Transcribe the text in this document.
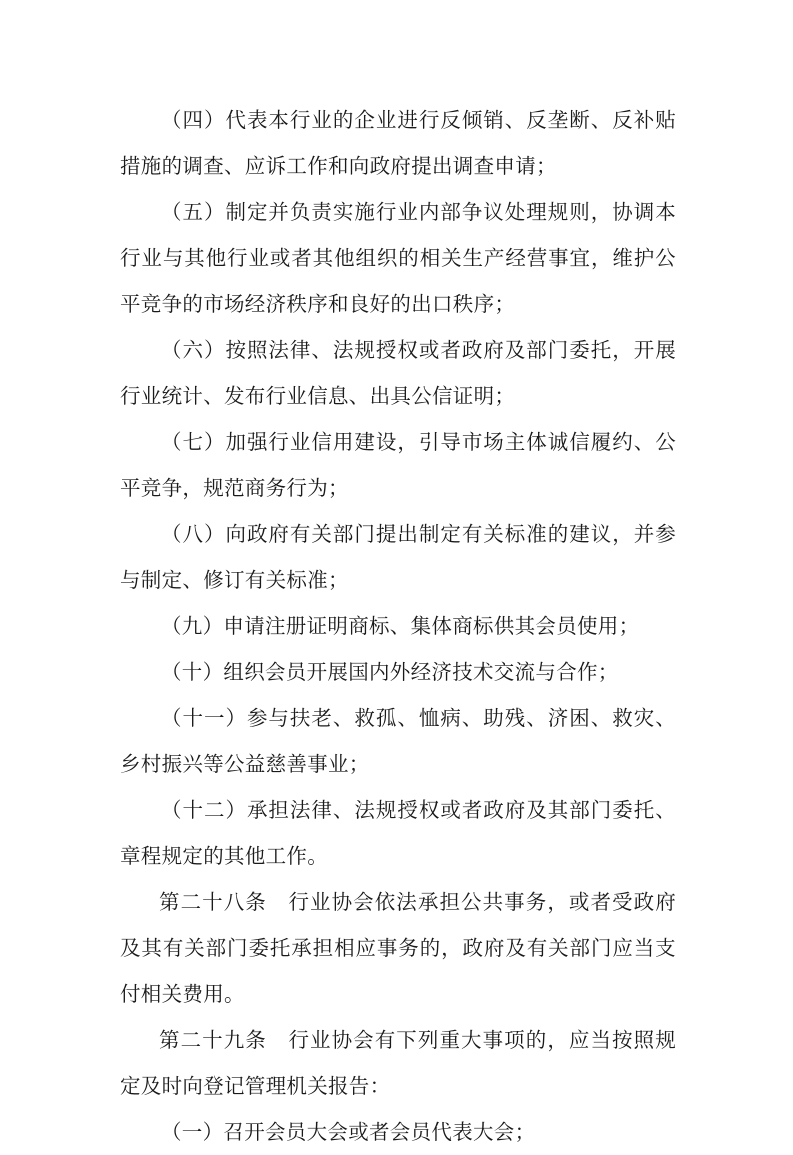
（四）代表本行业的企业进行反倾销、反垄断、反补贴措施的调查、应诉工作和向政府提出调查申请；

（五）制定并负责实施行业内部争议处理规则，协调本行业与其他行业或者其他组织的相关生产经营事宜，维护公平竞争的市场经济秩序和良好的出口秩序；

（六）按照法律、法规授权或者政府及部门委托，开展行业统计、发布行业信息、出具公信证明；

（七）加强行业信用建设，引导市场主体诚信履约、公平竞争，规范商务行为；

（八）向政府有关部门提出制定有关标准的建议，并参与制定、修订有关标准；

（九）申请注册证明商标、集体商标供其会员使用；

（十）组织会员开展国内外经济技术交流与合作；

（十一）参与扶老、救孤、恤病、助残、济困、救灾、乡村振兴等公益慈善事业；

（十二）承担法律、法规授权或者政府及其部门委托、章程规定的其他工作。

第二十八条　行业协会依法承担公共事务，或者受政府及其有关部门委托承担相应事务的，政府及有关部门应当支付相关费用。

第二十九条　行业协会有下列重大事项的，应当按照规定及时向登记管理机关报告：

（一）召开会员大会或者会员代表大会；
